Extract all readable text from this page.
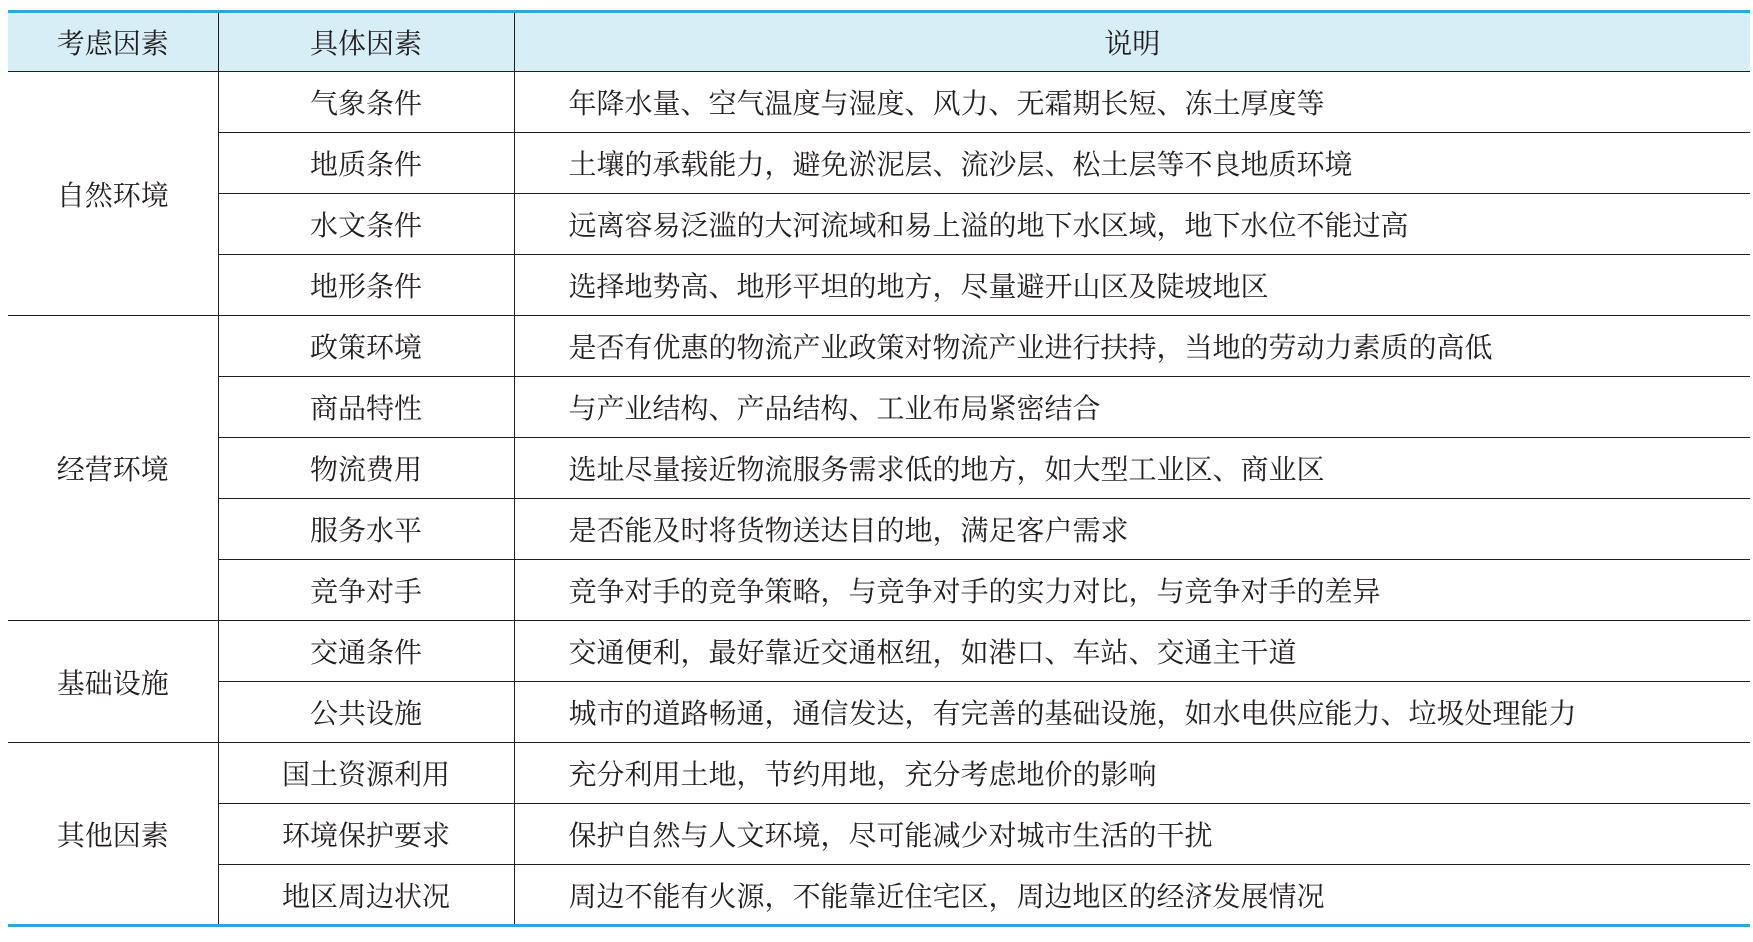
考虑因素	具体因素	说明
自然环境	气象条件	年降水量、空气温度与湿度、风力、无霜期长短、冻土厚度等
	地质条件	土壤的承载能力，避免淤泥层、流沙层、松土层等不良地质环境
	水文条件	远离容易泛滥的大河流域和易上溢的地下水区域，地下水位不能过高
	地形条件	选择地势高、地形平坦的地方，尽量避开山区及陡坡地区
经营环境	政策环境	是否有优惠的物流产业政策对物流产业进行扶持，当地的劳动力素质的高低
	商品特性	与产业结构、产品结构、工业布局紧密结合
	物流费用	选址尽量接近物流服务需求低的地方，如大型工业区、商业区
	服务水平	是否能及时将货物送达目的地，满足客户需求
	竞争对手	竞争对手的竞争策略，与竞争对手的实力对比，与竞争对手的差异
基础设施	交通条件	交通便利，最好靠近交通枢纽，如港口、车站、交通主干道
	公共设施	城市的道路畅通，通信发达，有完善的基础设施，如水电供应能力、垃圾处理能力
其他因素	国土资源利用	充分利用土地，节约用地，充分考虑地价的影响
	环境保护要求	保护自然与人文环境，尽可能减少对城市生活的干扰
	地区周边状况	周边不能有火源，不能靠近住宅区，周边地区的经济发展情况
